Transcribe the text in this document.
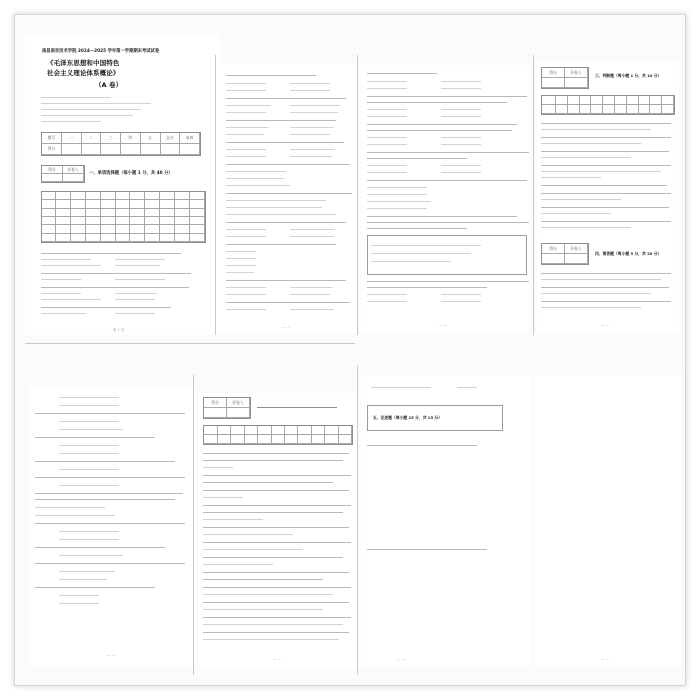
南昌南京技术学院 2024—2025 学年第一学期期末考试试卷
《毛泽东思想和中国特色
社会主义理论体系概论》
（A 卷）
题号	一	二	三	四	五	总分	复核
得分
得分	评卷人
一、单项选择题（每小题 1 分，共 40 分）
第 1 页
— —	— —
得分	评卷人
三、判断题（每小题 1 分，共 10 分）
得分	评卷人
四、简答题（每小题 5 分，共 20 分）
— —
— —
得分	评卷人
— —
五、论述题（每小题 15 分，共 15 分）
— —	— —
